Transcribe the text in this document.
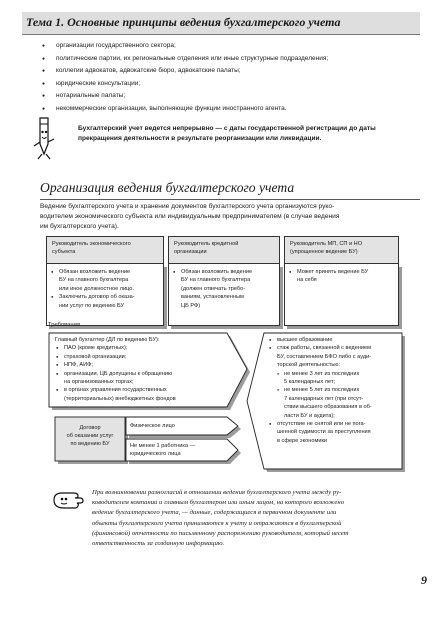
Тема 1. Основные принципы ведения бухгалтерского учета
● организации государственного сектора;
● политические партии, их региональные отделения или иные структурные подразделения;
● коллегии адвокатов, адвокатские бюро, адвокатские палаты;
● юридические консультации;
● нотариальные палаты;
● некоммерческие организации, выполняющие функции иностранного агента.
Бухгалтерский учет ведется непрерывно — с даты государственной регистрации до даты
прекращения деятельности в результате реорганизации или ликвидации.
Организация ведения бухгалтерского учета
Ведение бухгалтерского учета и хранение документов бухгалтерского учета организуются руко-
водителем экономического субъекта или индивидуальным предпринимателем (в случае ведения
им бухгалтерского учета).
Руководитель экономического
субъекта
● Обязан возложить ведение
БУ на главного бухгалтера
или иное должностное лицо.
● Заключить договор об оказа-
нии услуг по ведению БУ
Руководитель кредитной
организации
● Обязан возложить ведение
БУ на главного бухгалтера
(должен отвечать требо-
ваниям, установленным
ЦБ РФ)
Руководитель МП, СП и НО
(упрощенное ведение БУ)
● Может принять ведение БУ
на себя
Требования
Главный бухгалтер (ДЛ по ведению БУ):
● ПАО (кроме кредитных);
● страховой организации;
● НПФ, АИФ;
● организации, ЦБ допущены к обращению
на организованных торгах;
● в органах управления государственных
(территориальных) внебюджетных фондов
● высшее образование
● стаж работы, связанной с ведением
БУ, составлением БФО либо с ауди-
торской деятельностью:
● не менее 3 лет из последних
5 календарных лет;
● не менее 5 лет из последних
7 календарных лет (при отсут-
ствии высшего образования в об-
ласти БУ и аудита);
● отсутствие не снятой или не пога-
шенной судимости за преступления
в сфере экономики
Договор
об оказании услуг
по ведению БУ
Физическое лицо
Не менее 1 работника —
юридического лица
При возникновении разногласий в отношении ведения бухгалтерского учета между ру-
ководителем компании и главным бухгалтером или иным лицом, на которого возложено
ведение бухгалтерского учета, — данные, содержащиеся в первичном документе или
объекты бухгалтерского учета принимаются к учету и отражаются в бухгалтерской
(финансовой) отчетности по письменному распоряжению руководителя, который несет
ответственность за созданную информацию.
9
